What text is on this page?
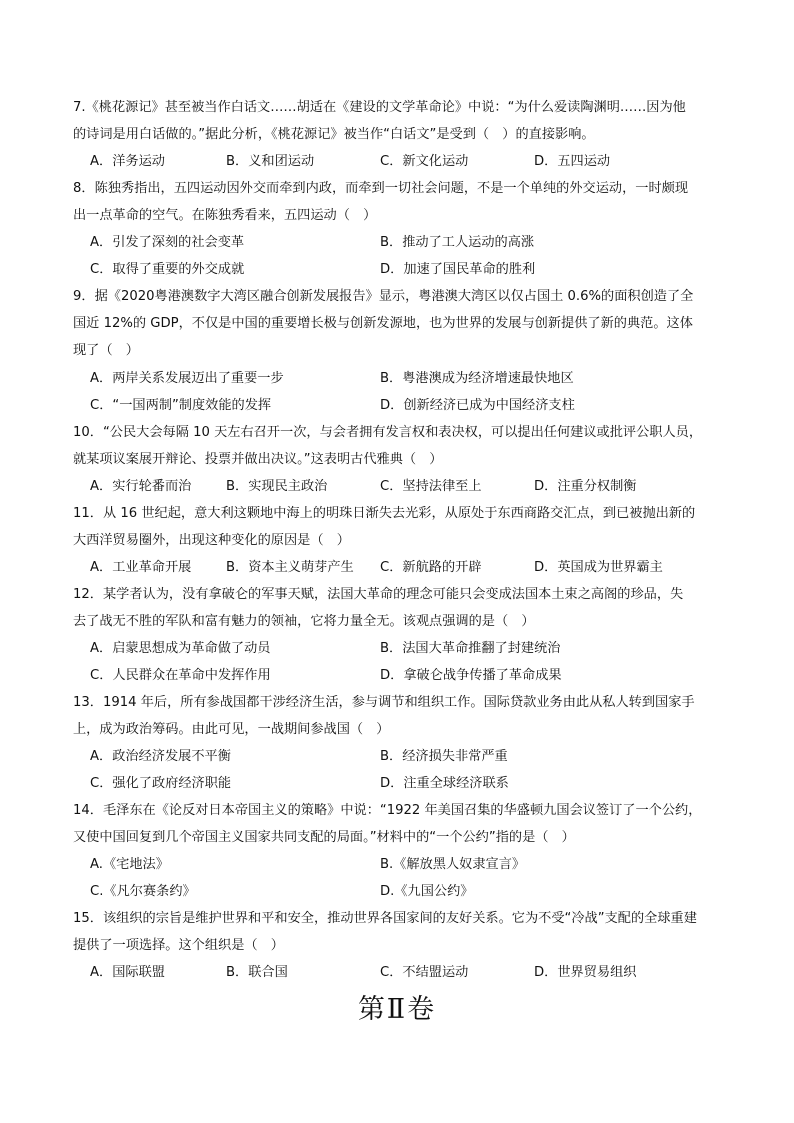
7.《桃花源记》甚至被当作白话文……胡适在《建设的文学革命论》中说：“为什么爱读陶渊明……因为他
的诗词是用白话做的。”据此分析，《桃花源记》被当作“白话文”是受到（　）的直接影响。
A．洋务运动	B．义和团运动	C．新文化运动	D．五四运动
8．陈独秀指出，五四运动因外交而牵到内政，而牵到一切社会问题，不是一个单纯的外交运动，一时颇现
出一点革命的空气。在陈独秀看来，五四运动（　）
A．引发了深刻的社会变革	B．推动了工人运动的高涨
C．取得了重要的外交成就	D．加速了国民革命的胜利
9．据《2020粤港澳数字大湾区融合创新发展报告》显示，粤港澳大湾区以仅占国土 0.6%的面积创造了全
国近 12%的 GDP，不仅是中国的重要增长极与创新发源地，也为世界的发展与创新提供了新的典范。这体
现了（　）
A．两岸关系发展迈出了重要一步	B．粤港澳成为经济增速最快地区
C．“一国两制”制度效能的发挥	D．创新经济已成为中国经济支柱
10．“公民大会每隔 10 天左右召开一次，与会者拥有发言权和表决权，可以提出任何建议或批评公职人员，
就某项议案展开辩论、投票并做出决议。”这表明古代雅典（　）
A．实行轮番而治	B．实现民主政治	C．坚持法律至上	D．注重分权制衡
11．从 16 世纪起，意大利这颗地中海上的明珠日渐失去光彩，从原处于东西商路交汇点，到已被抛出新的
大西洋贸易圈外，出现这种变化的原因是（　）
A．工业革命开展	B．资本主义萌芽产生 C．新航路的开辟	D．英国成为世界霸主
12．某学者认为，没有拿破仑的军事天赋，法国大革命的理念可能只会变成法国本土束之高阁的珍品，失
去了战无不胜的军队和富有魅力的领袖，它将力量全无。该观点强调的是（　）
A．启蒙思想成为革命做了动员	B．法国大革命推翻了封建统治
C．人民群众在革命中发挥作用	D．拿破仑战争传播了革命成果
13．1914 年后，所有参战国都干涉经济生活，参与调节和组织工作。国际贷款业务由此从私人转到国家手
上，成为政治筹码。由此可见，一战期间参战国（　）
A．政治经济发展不平衡	B．经济损失非常严重
C．强化了政府经济职能	D．注重全球经济联系
14．毛泽东在《论反对日本帝国主义的策略》中说：“1922 年美国召集的华盛顿九国会议签订了一个公约，
又使中国回复到几个帝国主义国家共同支配的局面。”材料中的“一个公约”指的是（　）
A.《宅地法》	B.《解放黑人奴隶宣言》
C.《凡尔赛条约》	D.《九国公约》
15．该组织的宗旨是维护世界和平和安全，推动世界各国家间的友好关系。它为不受“冷战”支配的全球重建
提供了一项选择。这个组织是（　）
A．国际联盟	B．联合国	C．不结盟运动	D．世界贸易组织
第Ⅱ卷
